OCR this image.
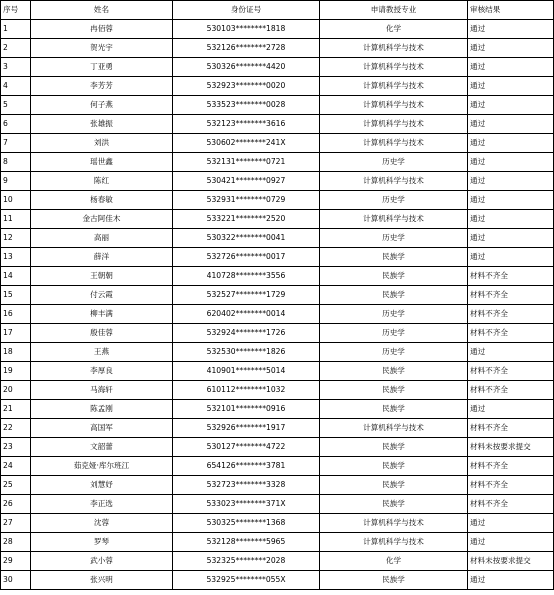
序号	姓名	身份证号	申请教授专业	审核结果
1	冉佰蓉	530103********1818	化学	通过
2	贺光宇	532126********2728	计算机科学与技术	通过
3	丁亚勇	530326********4420	计算机科学与技术	通过
4	李芳芳	532923********0020	计算机科学与技术	通过
5	何子燕	533523********0028	计算机科学与技术	通过
6	张雄振	532123********3616	计算机科学与技术	通过
7	刘洪	530602********241X	计算机科学与技术	通过
8	瑶世鑫	532131********0721	历史学	通过
9	陈红	530421********0927	计算机科学与技术	通过
10	杨春敏	532931********0729	历史学	通过
11	金古阿佳木	533221********2520	计算机科学与技术	通过
12	高丽	530322********0041	历史学	通过
13	薛洋	532726********0017	民族学	通过
14	王朝朝	410728********3556	民族学	材料不齐全
15	付云霞	532527********1729	民族学	材料不齐全
16	柳丰满	620402********0014	历史学	材料不齐全
17	殷佳蓉	532924********1726	历史学	材料不齐全
18	王燕	532530********1826	历史学	通过
19	李厚良	410901********5014	民族学	材料不齐全
20	马海轩	610112********1032	民族学	材料不齐全
21	陈孟刚	532101********0916	民族学	通过
22	高国军	532926********1917	计算机科学与技术	材料不齐全
23	文韶蕾	530127********4722	民族学	材料未按要求提交
24	茹克娅·库尔班江	654126********3781	民族学	材料不齐全
25	刘慧妤	532723********3328	民族学	材料不齐全
26	李正选	533023********371X	民族学	材料不齐全
27	沈蓉	530325********1368	计算机科学与技术	通过
28	罗琴	532128********5965	计算机科学与技术	通过
29	武小蓉	532325********2028	化学	材料未按要求提交
30	张兴明	532925********055X	民族学	通过
